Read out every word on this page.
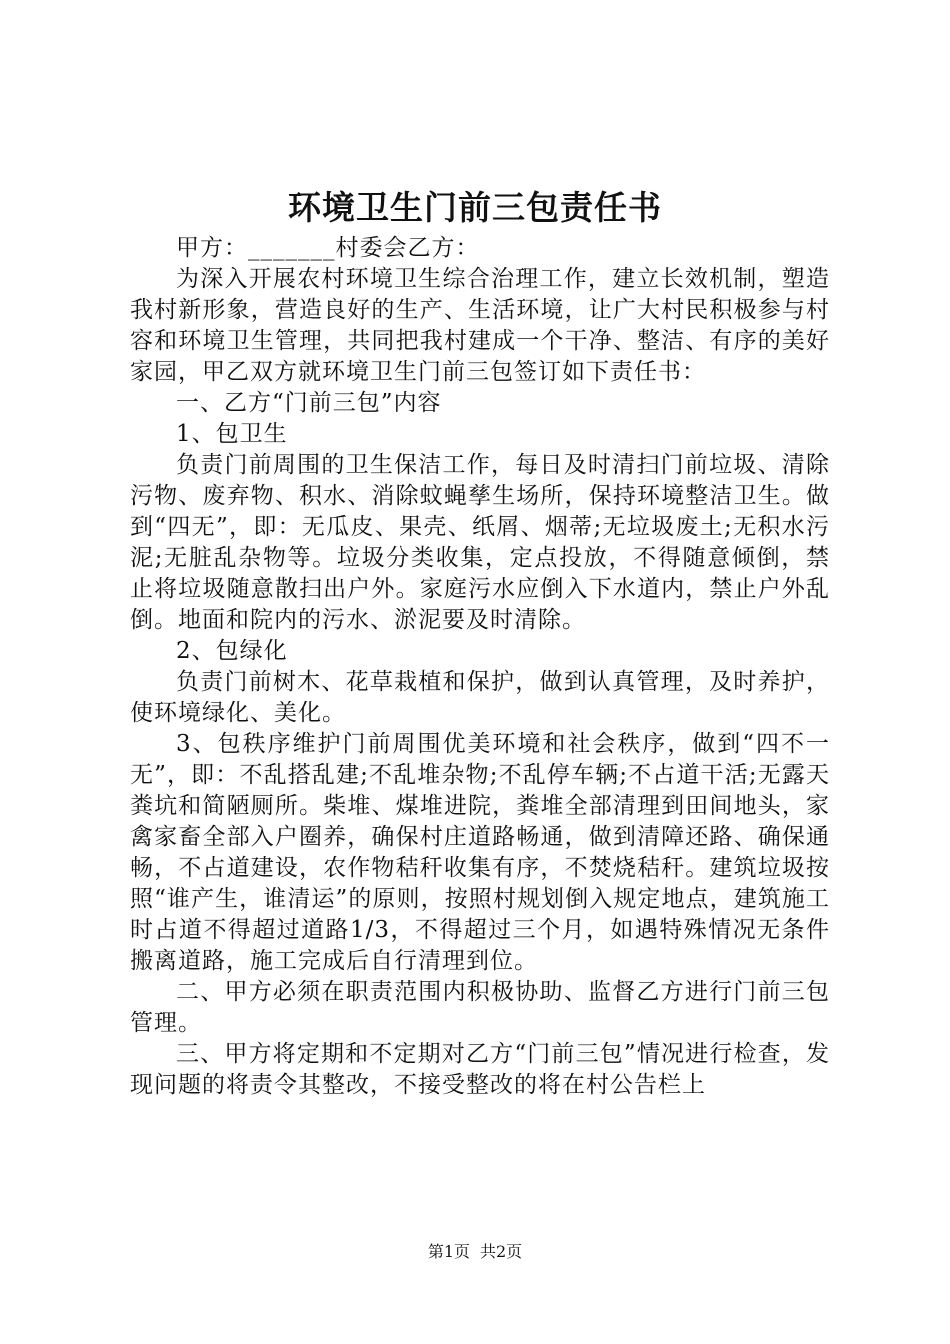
环境卫生门前三包责任书

甲方：_______村委会乙方：

为深入开展农村环境卫生综合治理工作，建立长效机制，塑造我村新形象，营造良好的生产、生活环境，让广大村民积极参与村容和环境卫生管理，共同把我村建成一个干净、整洁、有序的美好家园，甲乙双方就环境卫生门前三包签订如下责任书：

一、乙方“门前三包”内容

1、包卫生

负责门前周围的卫生保洁工作，每日及时清扫门前垃圾、清除污物、废弃物、积水、消除蚊蝇孳生场所，保持环境整洁卫生。做到“四无”，即：无瓜皮、果壳、纸屑、烟蒂;无垃圾废土;无积水污泥;无脏乱杂物等。垃圾分类收集，定点投放，不得随意倾倒，禁止将垃圾随意散扫出户外。家庭污水应倒入下水道内，禁止户外乱倒。地面和院内的污水、淤泥要及时清除。

2、包绿化

负责门前树木、花草栽植和保护，做到认真管理，及时养护，使环境绿化、美化。

3、包秩序维护门前周围优美环境和社会秩序，做到“四不一无”，即：不乱搭乱建;不乱堆杂物;不乱停车辆;不占道干活;无露天粪坑和简陋厕所。柴堆、煤堆进院，粪堆全部清理到田间地头，家禽家畜全部入户圈养，确保村庄道路畅通，做到清障还路、确保通畅，不占道建设，农作物秸秆收集有序，不焚烧秸秆。建筑垃圾按照“谁产生，谁清运”的原则，按照村规划倒入规定地点，建筑施工时占道不得超过道路1/3，不得超过三个月，如遇特殊情况无条件搬离道路，施工完成后自行清理到位。

二、甲方必须在职责范围内积极协助、监督乙方进行门前三包管理。

三、甲方将定期和不定期对乙方“门前三包”情况进行检查，发现问题的将责令其整改，不接受整改的将在村公告栏上

第1页 共2页
